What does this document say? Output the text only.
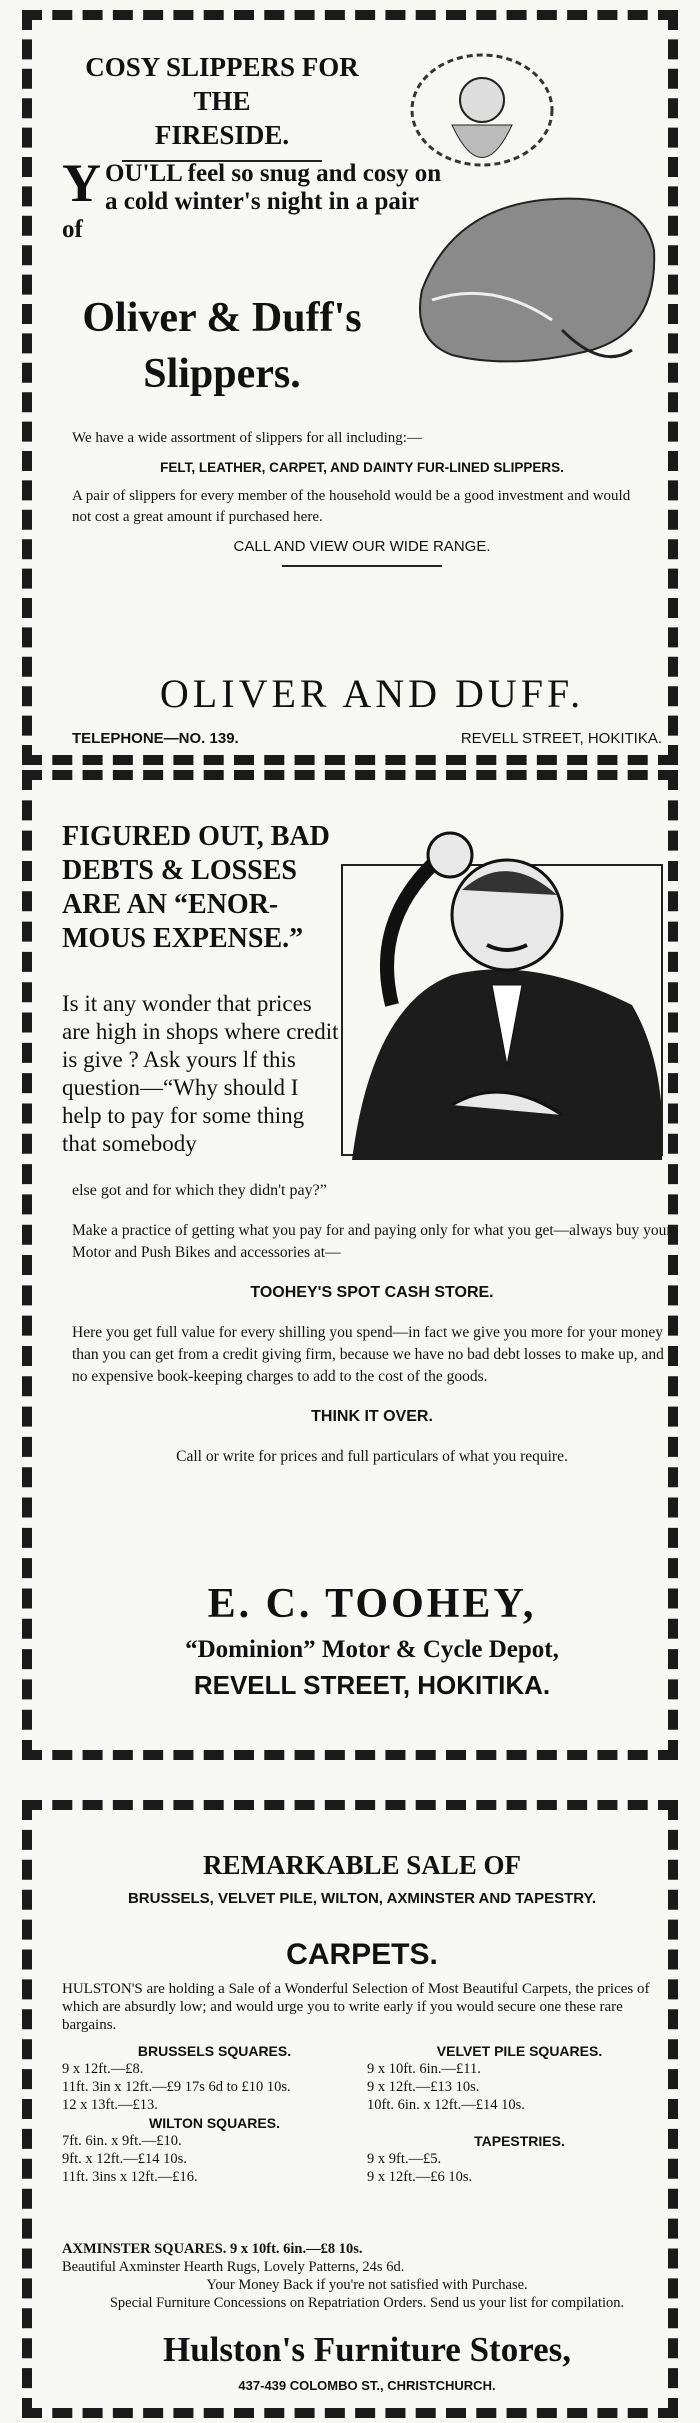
COSY SLIPPERS FOR THE
FIRESIDE.
YOU'LL feel so snug and cosy on a cold winter's night in a pair of
Oliver & Duff's
Slippers.

We have a wide assortment of slippers for all including:—

FELT, LEATHER, CARPET, AND DAINTY FUR-LINED SLIPPERS.

A pair of slippers for every member of the household would be a good investment and would not cost a great amount if purchased here.

CALL AND VIEW OUR WIDE RANGE.

OLIVER AND DUFF.
TELEPHONE—NO. 139.	REVELL STREET, HOKITIKA.
FIGURED OUT, BAD
DEBTS & LOSSES
ARE AN “ENOR-
MOUS EXPENSE.”
Is it any wonder that prices are high in shops where credit is give ? Ask yours lf this question—“Why should I help to pay for some thing that somebody
else got and for which they didn't pay?”

Make a practice of getting what you pay for and paying only for what you get—always buy your Motor and Push Bikes and accessories at—

TOOHEY'S SPOT CASH STORE.

Here you get full value for every shilling you spend—in fact we give you more for your money than you can get from a credit giving firm, because we have no bad debt losses to make up, and no expensive book-keeping charges to add to the cost of the goods.

THINK IT OVER.

Call or write for prices and full particulars of what you require.

E. C. TOOHEY,
“Dominion” Motor & Cycle Depot,
REVELL STREET, HOKITIKA.
REMARKABLE SALE OF
BRUSSELS, VELVET PILE, WILTON, AXMINSTER AND TAPESTRY.
CARPETS.
HULSTON'S are holding a Sale of a Wonderful Selection of Most Beautiful Carpets, the prices of which are absurdly low; and would urge you to write early if you would secure one these rare bargains.
BRUSSELS SQUARES.
9 x 12ft.—£8.
11ft. 3in x 12ft.—£9 17s 6d to £10 10s.
12 x 13ft.—£13.
WILTON SQUARES.
7ft. 6in. x 9ft.—£10.
9ft. x 12ft.—£14 10s.
11ft. 3ins x 12ft.—£16.
VELVET PILE SQUARES.
9 x 10ft. 6in.—£11.
9 x 12ft.—£13 10s.
10ft. 6in. x 12ft.—£14 10s.
TAPESTRIES.
9 x 9ft.—£5.
9 x 12ft.—£6 10s.
AXMINSTER SQUARES. 9 x 10ft. 6in.—£8 10s.
Beautiful Axminster Hearth Rugs, Lovely Patterns, 24s 6d.
Your Money Back if you're not satisfied with Purchase.
Special Furniture Concessions on Repatriation Orders. Send us your list for compilation.
Hulston's Furniture Stores,
437-439 COLOMBO ST., CHRISTCHURCH.
